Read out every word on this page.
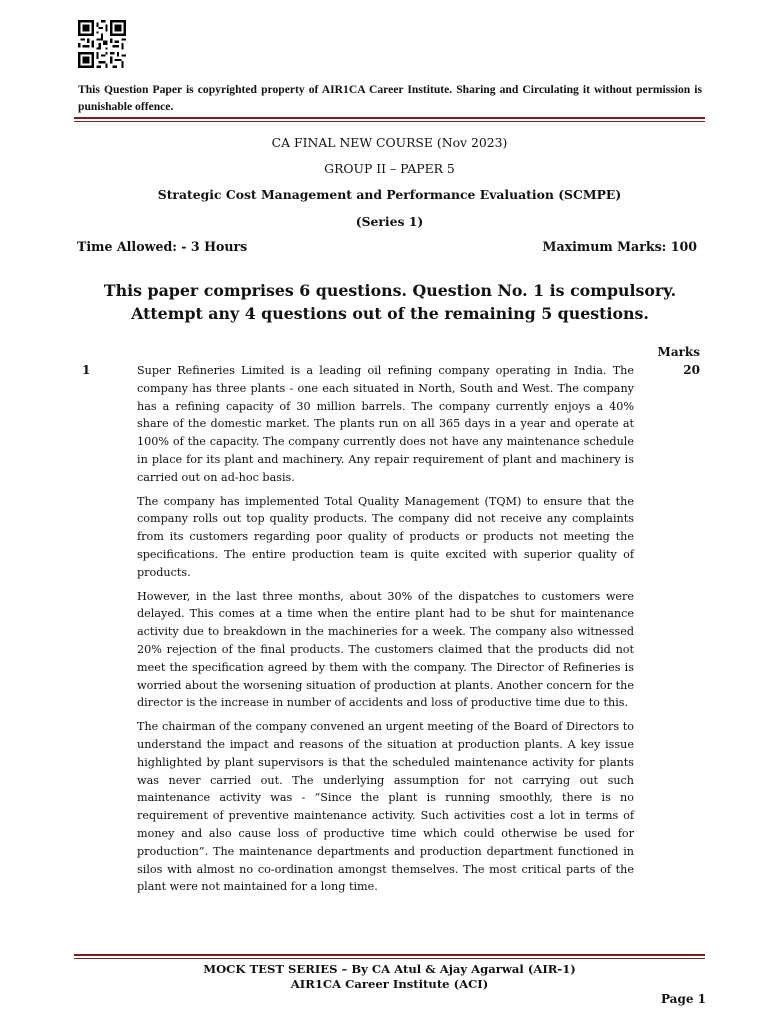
This Question Paper is copyrighted property of AIR1CA Career Institute. Sharing and Circulating it without permission is punishable offence.
CA FINAL NEW COURSE (Nov 2023)
GROUP II – PAPER 5
Strategic Cost Management and Performance Evaluation (SCMPE)
(Series 1)
Time Allowed: - 3 Hours	Maximum Marks: 100
This paper comprises 6 questions. Question No. 1 is compulsory. Attempt any 4 questions out of the remaining 5 questions.
Marks
1	20

Super Refineries Limited is a leading oil refining company operating in India. The company has three plants - one each situated in North, South and West. The company has a refining capacity of 30 million barrels. The company currently enjoys a 40% share of the domestic market. The plants run on all 365 days in a year and operate at 100% of the capacity. The company currently does not have any maintenance schedule in place for its plant and machinery. Any repair requirement of plant and machinery is carried out on ad-hoc basis.

The company has implemented Total Quality Management (TQM) to ensure that the company rolls out top quality products. The company did not receive any complaints from its customers regarding poor quality of products or products not meeting the specifications. The entire production team is quite excited with superior quality of products.

However, in the last three months, about 30% of the dispatches to customers were delayed. This comes at a time when the entire plant had to be shut for maintenance activity due to breakdown in the machineries for a week. The company also witnessed 20% rejection of the final products. The customers claimed that the products did not meet the specification agreed by them with the company. The Director of Refineries is worried about the worsening situation of production at plants. Another concern for the director is the increase in number of accidents and loss of productive time due to this.

The chairman of the company convened an urgent meeting of the Board of Directors to understand the impact and reasons of the situation at production plants. A key issue highlighted by plant supervisors is that the scheduled maintenance activity for plants was never carried out. The underlying assumption for not carrying out such maintenance activity was - “Since the plant is running smoothly, there is no requirement of preventive maintenance activity. Such activities cost a lot in terms of money and also cause loss of productive time which could otherwise be used for production”. The maintenance departments and production department functioned in silos with almost no co-ordination amongst themselves. The most critical parts of the plant were not maintained for a long time.

MOCK TEST SERIES – By CA Atul & Ajay Agarwal (AIR-1)
AIR1CA Career Institute (ACI)
Page 1
